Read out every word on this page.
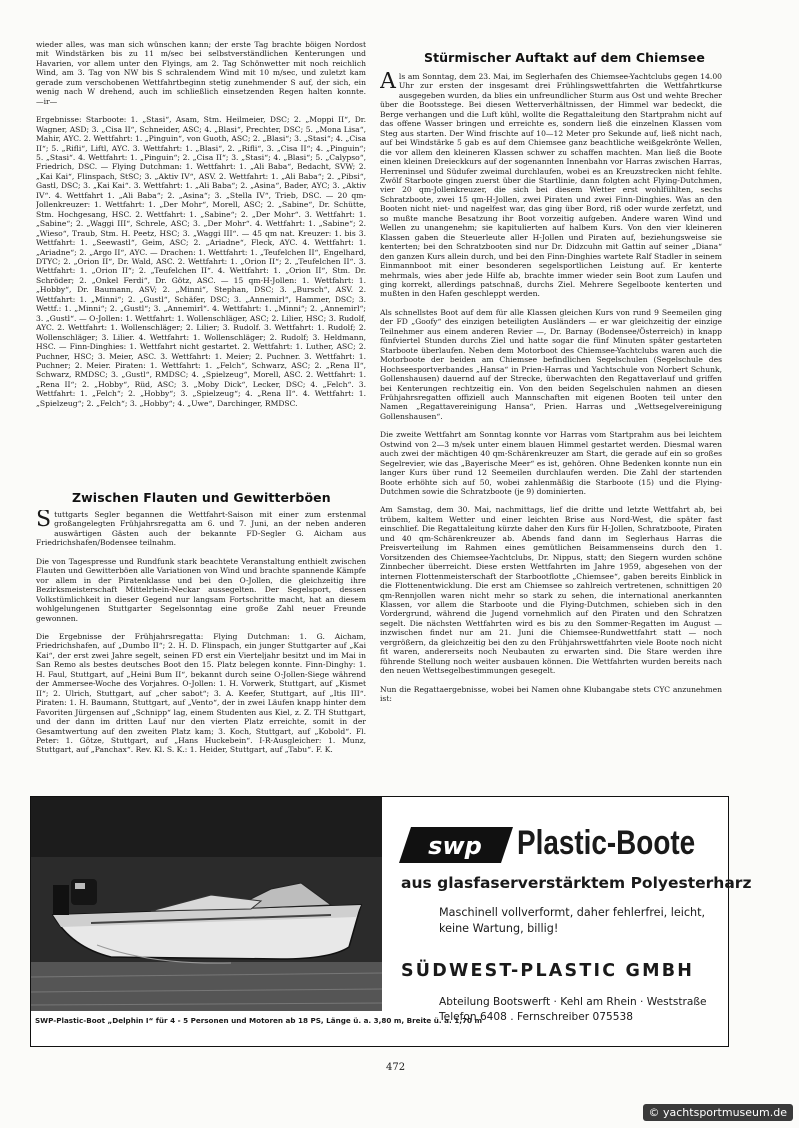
wieder alles, was man sich wünschen kann; der erste Tag brachte böigen Nordost mit Windstärken bis zu 11 m/sec bei selbstverständlichen Kenterungen und Havarien, vor allem unter den Flyings, am 2. Tag Schönwetter mit noch reichlich Wind, am 3. Tag von NW bis S schralendem Wind mit 10 m/sec, und zuletzt kam gerade zum verschobenen Wettfahrtbeginn stetig zunehmender S auf, der sich, ein wenig nach W drehend, auch im schließlich einsetzenden Regen halten konnte.                                    —ir—

Ergebnisse: Starboote: 1. „Stasi“, Asam, Stm. Heilmeier, DSC; 2. „Moppi II“, Dr. Wagner, ASD; 3. „Cisa II“, Schneider, ASC; 4. „Blasi“, Prechter, DSC; 5. „Mona Lisa“, Mahir, AYC. 2. Wettfahrt: 1. „Pinguin“, von Guoth, ASC; 2. „Blasi“; 3. „Stasi“; 4. „Cisa II“; 5. „Rifli“, Liftl, AYC. 3. Wettfahrt: 1. „Blasi“, 2. „Rifli“, 3. „Cisa II“; 4. „Pinguin“; 5. „Stasi“. 4. Wettfahrt: 1. „Pinguin“; 2. „Cisa II“; 3. „Stasi“; 4. „Blasi“; 5. „Calypso“, Friedrich, DSC. — Flying Dutchman: 1. Wettfahrt: 1. „Ali Baba“, Bedacht, SVW; 2. „Kai Kai“, Flinspach, StSC; 3. „Aktiv IV“, ASV. 2. Wettfahrt: 1. „Ali Baba“; 2. „Pibsi“, Gastl, DSC; 3. „Kai Kai“. 3. Wettfahrt: 1. „Ali Baba“; 2. „Asina“, Bader, AYC; 3. „Aktiv IV“. 4. Wettfahrt 1. „Ali Baba“; 2. „Asina“; 3. „Stella IV“, Trieb, DSC. — 20 qm-Jollenkreuzer: 1. Wettfahrt: 1. „Der Mohr“, Morell, ASC; 2. „Sabine“, Dr. Schütte, Stm. Hochgesang, HSC. 2. Wettfahrt: 1. „Sabine“; 2. „Der Mohr“. 3. Wettfahrt: 1. „Sabine“; 2. „Waggi III“, Schrele, ASC; 3. „Der Mohr“. 4. Wettfahrt: 1. „Sabine“; 2. „Wieso“, Traub, Stm. H. Peetz, HSC; 3. „Waggi III“. — 45 qm nat. Kreuzer: 1. bis 3. Wettfahrt: 1. „Seewastl“, Geim, ASC; 2. „Ariadne“, Fleck, AYC. 4. Wettfahrt: 1. „Ariadne“; 2. „Argo II“, AYC. — Drachen: 1. Wettfahrt: 1. „Teufelchen II“, Engelhard, DTYC; 2. „Orion II“, Dr. Wald, ASC. 2. Wettfahrt: 1. „Orion II“; 2. „Teufelchen II“. 3. Wettfahrt: 1. „Orion II“; 2. „Teufelchen II“. 4. Wettfahrt: 1. „Orion II“, Stm. Dr. Schröder; 2. „Onkel Ferdi“, Dr. Götz, ASC. — 15 qm-H-Jollen: 1. Wettfahrt: 1. „Hobby“, Dr. Baumann, ASV; 2. „Minni“, Stephan, DSC; 3. „Bursch“, ASV. 2. Wettfahrt: 1. „Minni“; 2. „Gustl“, Schäfer, DSC; 3. „Annemirl“, Hammer, DSC; 3. Wettf.: 1. „Minni“; 2. „Gustl“; 3. „Annemirl“. 4. Wettfahrt: 1. „Minni“; 2. „Annemirl“; 3. „Gustl“. — O-Jollen: 1. Wettfahrt: 1. Wollenschläger, ASC; 2. Lilier, HSC; 3. Rudolf, AYC. 2. Wettfahrt: 1. Wollenschläger; 2. Lilier; 3. Rudolf. 3. Wettfahrt: 1. Rudolf; 2. Wollenschläger; 3. Lilier. 4. Wettfahrt: 1. Wollenschläger; 2. Rudolf; 3. Heldmann, HSC. — Finn-Dinghies: 1. Wettfahrt nicht gestartet. 2. Wettfahrt: 1. Luther, ASC; 2. Puchner, HSC; 3. Meier, ASC. 3. Wettfahrt: 1. Meier; 2. Puchner. 3. Wettfahrt: 1. Puchner; 2. Meier. Piraten: 1. Wettfahrt: 1. „Felch“, Schwarz, ASC; 2. „Rena II“, Schwarz, RMDSC; 3. „Gustl“, RMDSC; 4. „Spielzeug“, Morell, ASC. 2. Wettfahrt: 1. „Rena II“; 2. „Hobby“, Rüd, ASC; 3. „Moby Dick“, Lecker, DSC; 4. „Felch“. 3. Wettfahrt: 1. „Felch“; 2. „Hobby“; 3. „Spielzeug“; 4. „Rena II“. 4. Wettfahrt: 1. „Spielzeug“; 2. „Felch“; 3. „Hobby“; 4. „Uwe“, Darchinger, RMDSC.

Zwischen Flauten und Gewitterböen

Stuttgarts Segler begannen die Wettfahrt-Saison mit einer zum erstenmal großangelegten Frühjahrsregatta am 6. und 7. Juni, an der neben anderen auswärtigen Gästen auch der bekannte FD-Segler G. Aicham aus Friedrichshafen/Bodensee teilnahm.

Die von Tagespresse und Rundfunk stark beachtete Veranstaltung enthielt zwischen Flauten und Gewitterböen alle Variationen von Wind und brachte spannende Kämpfe vor allem in der Piratenklasse und bei den O-Jollen, die gleichzeitig ihre Bezirksmeisterschaft Mittelrhein-Neckar aussegelten. Der Segelsport, dessen Volkstümlichkeit in dieser Gegend nur langsam Fortschritte macht, hat an diesem wohlgelungenen Stuttgarter Segelsonntag eine große Zahl neuer Freunde gewonnen.

Die Ergebnisse der Frühjahrsregatta: Flying Dutchman: 1. G. Aicham, Friedrichshafen, auf „Dumbo II“; 2. H. D. Flinspach, ein junger Stuttgarter auf „Kai Kai“, der erst zwei Jahre segelt, seinen FD erst ein Vierteljahr besitzt und im Mai in San Remo als bestes deutsches Boot den 15. Platz belegen konnte. Finn-Dinghy: 1. H. Faul, Stuttgart, auf „Heini Bum II“, bekannt durch seine O-Jollen-Siege während der Ammersee-Woche des Vorjahres. O-Jollen: 1. H. Vorwerk, Stuttgart, auf „Kismet II“; 2. Ulrich, Stuttgart, auf „cher sabot“; 3. A. Keefer, Stuttgart, auf „Itis III“. Piraten: 1. H. Baumann, Stuttgart, auf „Vento“, der in zwei Läufen knapp hinter dem Favoriten Jürgensen auf „Schnipp“ lag, einem Studenten aus Kiel, z. Z. TH Stuttgart, und der dann im dritten Lauf nur den vierten Platz erreichte, somit in der Gesamtwertung auf den zweiten Platz kam; 3. Koch, Stuttgart, auf „Kobold“. Fl. Peter: 1. Götze, Stuttgart, auf „Hans Huckebein“. I-R-Ausgleicher: 1. Munz, Stuttgart, auf „Panchax“. Rev. Kl. S. K.: 1. Heider, Stuttgart, auf „Tabu“. F. K.

Stürmischer Auftakt auf dem Chiemsee

Als am Sonntag, dem 23. Mai, im Seglerhafen des Chiemsee-Yachtclubs gegen 14.00 Uhr zur ersten der insgesamt drei Frühlingswettfahrten die Wettfahrtkurse ausgegeben wurden, da blies ein unfreundlicher Sturm aus Ost und wehte Brecher über die Bootsstege. Bei diesen Wetterverhältnissen, der Himmel war bedeckt, die Berge verhangen und die Luft kühl, wollte die Regattaleitung den Startprahm nicht auf das offene Wasser bringen und erreichte es, sondern ließ die einzelnen Klassen vom Steg aus starten. Der Wind frischte auf 10—12 Meter pro Sekunde auf, ließ nicht nach, auf bei Windstärke 5 gab es auf dem Chiemsee ganz beachtliche weißgekrönte Wellen, die vor allem den kleineren Klassen schwer zu schaffen machten. Man ließ die Boote einen kleinen Dreieckkurs auf der sogenannten Innenbahn vor Harras zwischen Harras, Herreninsel und Südufer zweimal durchlaufen, wobei es an Kreuzstrecken nicht fehlte. Zwölf Starboote gingen zuerst über die Startlinie, dann folgten acht Flying-Dutchmen, vier 20 qm-Jollenkreuzer, die sich bei diesem Wetter erst wohlfühlten, sechs Schratzboote, zwei 15 qm-H-Jollen, zwei Piraten und zwei Finn-Dinghies. Was an den Booten nicht niet- und nagelfest war, das ging über Bord, riß oder wurde zerfetzt, und so mußte manche Besatzung ihr Boot vorzeitig aufgeben. Andere waren Wind und Wellen zu unangenehm; sie kapitulierten auf halbem Kurs. Von den vier kleineren Klassen gaben die Steuerleute aller H-Jollen und Piraten auf, beziehungsweise sie kenterten; bei den Schratzbooten sind nur Dr. Didzcuhn mit Gattin auf seiner „Diana“ den ganzen Kurs allein durch, und bei den Finn-Dinghies wartete Ralf Stadler in seinem Einmannboot mit einer besonderen segelsportlichen Leistung auf. Er kenterte mehrmals, wies aber jede Hilfe ab, brachte immer wieder sein Boot zum Laufen und ging korrekt, allerdings patschnaß, durchs Ziel. Mehrere Segelboote kenterten und mußten in den Hafen geschleppt werden.

Als schnellstes Boot auf dem für alle Klassen gleichen Kurs von rund 9 Seemeilen ging der FD „Goofy“ des einzigen beteiligten Ausländers — er war gleichzeitig der einzige Teilnehmer aus einem anderen Revier —, Dr. Barnay (Bodensee/Österreich) in knapp fünfviertel Stunden durchs Ziel und hatte sogar die fünf Minuten später gestarteten Starboote überlaufen. Neben dem Motorboot des Chiemsee-Yachtclubs waren auch die Motorboote der beiden am Chiemsee befindlichen Segelschulen (Segelschule des Hochseesportverbandes „Hansa“ in Prien-Harras und Yachtschule von Norbert Schunk, Gollenshausen) dauernd auf der Strecke, überwachten den Regattaverlauf und griffen bei Kenterungen rechtzeitig ein. Von den beiden Segelschulen nahmen an diesen Frühjahrsregatten offiziell auch Mannschaften mit eigenen Booten teil unter den Namen „Regattavereinigung Hansa“, Prien. Harras und „Wettsegelvereinigung Gollenshausen“.

Die zweite Wettfahrt am Sonntag konnte vor Harras vom Startprahm aus bei leichtem Ostwind von 2—3 m/sek unter einem blauen Himmel gestartet werden. Diesmal waren auch zwei der mächtigen 40 qm-Schärenkreuzer am Start, die gerade auf ein so großes Segelrevier, wie das „Bayerische Meer“ es ist, gehören. Ohne Bedenken konnte nun ein langer Kurs über rund 12 Seemeilen durchlaufen werden. Die Zahl der startenden Boote erhöhte sich auf 50, wobei zahlenmäßig die Starboote (15) und die Flying-Dutchmen sowie die Schratzboote (je 9) dominierten.

Am Samstag, dem 30. Mai, nachmittags, lief die dritte und letzte Wettfahrt ab, bei trübem, kaltem Wetter und einer leichten Brise aus Nord-West, die später fast einschlief. Die Regattaleitung kürzte daher den Kurs für H-Jollen, Schratzboote, Piraten und 40 qm-Schärenkreuzer ab. Abends fand dann im Seglerhaus Harras die Preisverteilung im Rahmen eines gemütlichen Beisammenseins durch den 1. Vorsitzenden des Chiemsee-Yachtclubs, Dr. Nippus, statt; den Siegern wurden schöne Zinnbecher überreicht. Diese ersten Wettfahrten im Jahre 1959, abgesehen von der internen Flottenmeisterschaft der Starbootflotte „Chiemsee“, gaben bereits Einblick in die Flottenentwicklung. Die erst am Chiemsee so zahlreich vertretenen, schnittigen 20 qm-Rennjollen waren nicht mehr so stark zu sehen, die international anerkannten Klassen, vor allem die Starboote und die Flying-Dutchmen, schieben sich in den Vordergrund, während die Jugend vornehmlich auf den Piraten und den Schratzen segelt. Die nächsten Wettfahrten wird es bis zu den Sommer-Regatten im August — inzwischen findet nur am 21. Juni die Chiemsee-Rundwettfahrt statt — noch vergrößern, da gleichzeitig bei den zu den Frühjahrswettfahrten viele Boote noch nicht fit waren, andererseits noch Neubauten zu erwarten sind. Die Stare werden ihre führende Stellung noch weiter ausbauen können. Die Wettfahrten wurden bereits nach den neuen Wettsegelbestimmungen gesegelt.

Nun die Regattaergebnisse, wobei bei Namen ohne Klubangabe stets CYC anzunehmen ist:

SWP-Plastic-Boot „Delphin I“ für 4 - 5 Personen und Motoren ab 18 PS, Länge ü. a. 3,80 m, Breite ü. a. 1,70 m
swp Plastic-Boote
aus glasfaserverstärktem Polyesterharz
Maschinell vollverformt, daher fehlerfrei, leicht, keine Wartung, billig!
SÜDWEST-PLASTIC GMBH
Abteilung Bootswerft · Kehl am Rhein · Weststraße
Telefon 6408 . Fernschreiber 075538
472
© yachtsportmuseum.de
